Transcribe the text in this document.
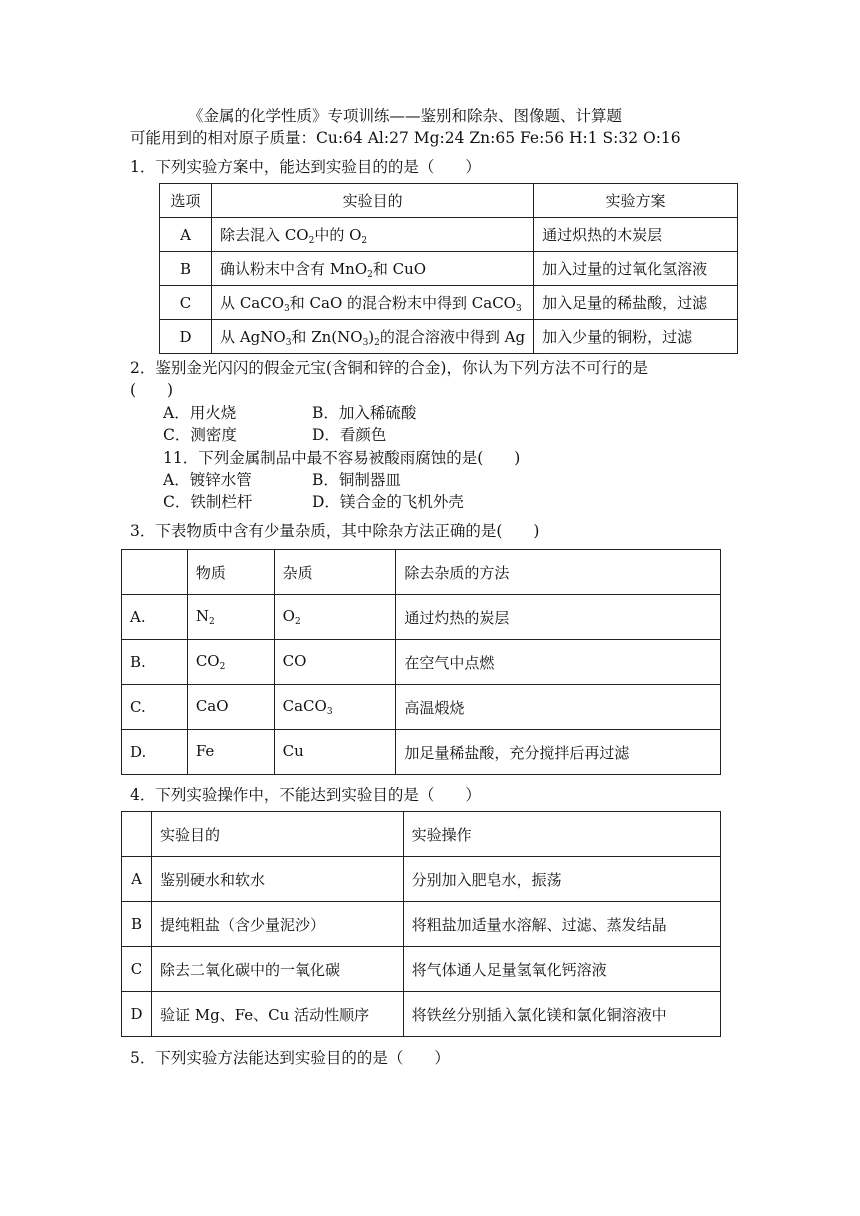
《金属的化学性质》专项训练——鉴别和除杂、图像题、计算题
可能用到的相对原子质量：Cu:64 Al:27 Mg:24 Zn:65 Fe:56 H:1 S:32 O:16
1．下列实验方案中，能达到实验目的的是（　　）
选项	实验目的	实验方案
A	除去混入 $CO_2$中的 $O_2$	通过炽热的木炭层
B	确认粉末中含有 MnO$_2$和 CuO	加入过量的过氧化氢溶液
C	从 CaCO$_3$和 CaO 的混合粉末中得到 CaCO$_3$	加入足量的稀盐酸，过滤
D	从 AgNO$_3$和 $Zn(NO_3)_2$的混合溶液中得到 Ag	加入少量的铜粉，过滤
2．鉴别金光闪闪的假金元宝(含铜和锌的合金)，你认为下列方法不可行的是
(　　)
A．用火烧	B．加入稀硫酸
C．测密度	D．看颜色
11．下列金属制品中最不容易被酸雨腐蚀的是(　　)
A．镀锌水管	B．铜制器皿
C．铁制栏杆	D．镁合金的飞机外壳
3．下表物质中含有少量杂质，其中除杂方法正确的是(　　)
	物质	杂质	除去杂质的方法
A.	$N_2$	$O_2$	通过灼热的炭层
B.	$CO_2$	CO	在空气中点燃
C.	CaO	CaCO$_3$	高温煅烧
D.	Fe	Cu	加足量稀盐酸，充分搅拌后再过滤
4．下列实验操作中，不能达到实验目的是（　　）
	实验目的	实验操作
A	鉴别硬水和软水	分别加入肥皂水，振荡
B	提纯粗盐（含少量泥沙）	将粗盐加适量水溶解、过滤、蒸发结晶
C	除去二氧化碳中的一氧化碳	将气体通人足量氢氧化钙溶液
D	验证 Mg、Fe、Cu 活动性顺序	将铁丝分别插入氯化镁和氯化铜溶液中
5．下列实验方法能达到实验目的的是（　　）
